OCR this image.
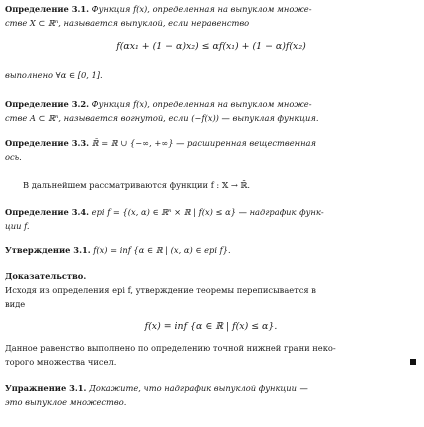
Определение 3.1. Функция f(x), определенная на выпуклом множе-
стве X ⊂ ℝⁿ, называется выпуклой, если неравенство
f(αx₁ + (1 − α)x₂) ≤ αf(x₁) + (1 − α)f(x₂)
выполнено ∀α ∈ [0, 1].
Определение 3.2. Функция f(x), определенная на выпуклом множе-
стве A ⊂ ℝⁿ, называется вогнутой, если (−f(x)) — выпуклая функция.
Определение 3.3. ℝ̄ = ℝ ∪ {−∞, +∞} — расширенная вещественная
ось.
В дальнейшем рассматриваются функции f : 𝕏 → ℝ̄.
Определение 3.4. epi f = {(x, α) ∈ ℝⁿ × ℝ | f(x) ≤ α} — надграфик функ-
ции f.
Утверждение 3.1. f(x) = inf {α ∈ ℝ | (x, α) ∈ epi f}.
Доказательство.
Исходя из определения epi f, утверждение теоремы переписывается в
виде
f(x) = inf {α ∈ ℝ | f(x) ≤ α}.
Данное равенство выполнено по определению точной нижней грани неко-
торого множества чисел.
Упражнение 3.1. Докажите, что надграфик выпуклой функции —
это выпуклое множество.
